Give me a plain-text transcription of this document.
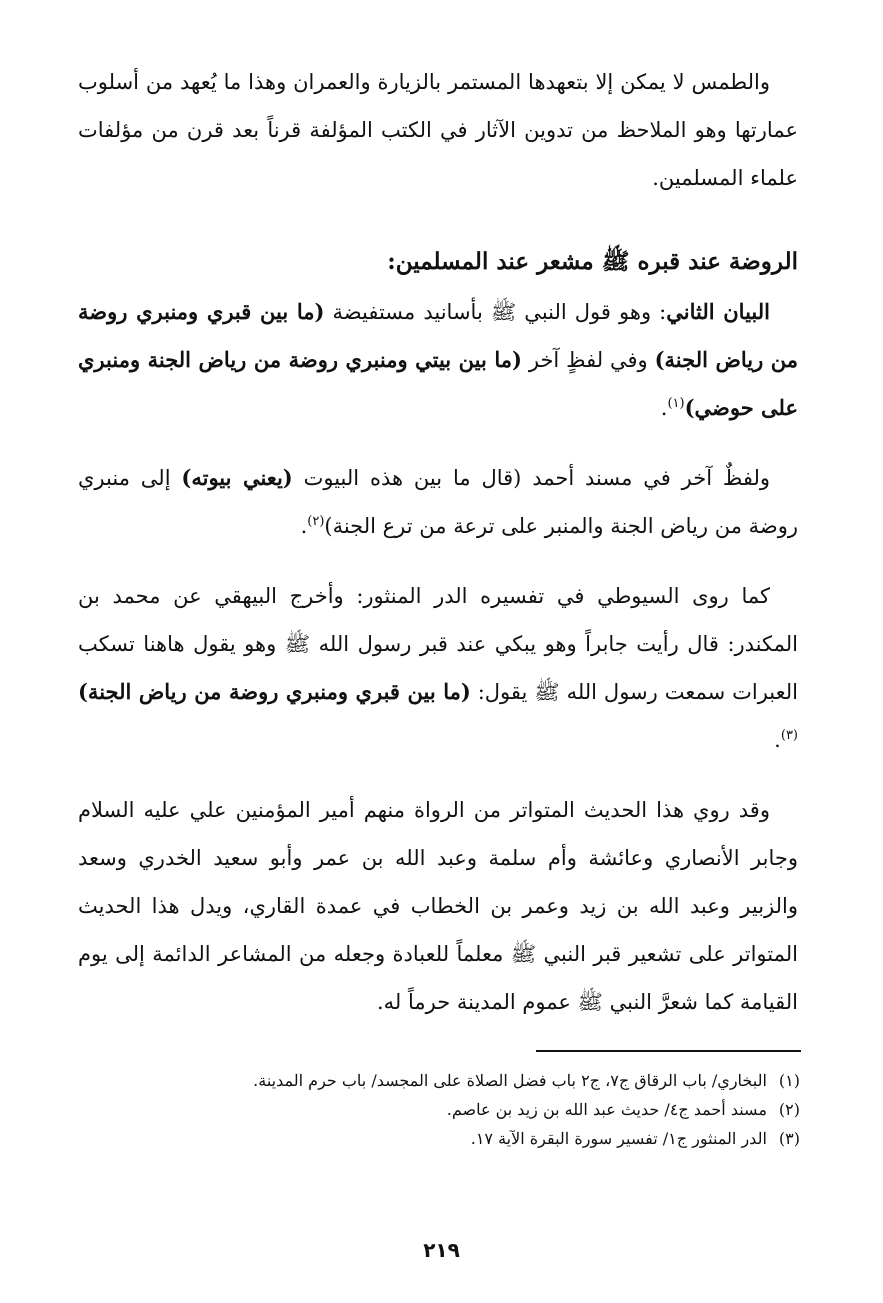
والطمس لا يمكن إلا بتعهدها المستمر بالزيارة والعمران وهذا ما يُعهد من أسلوب عمارتها وهو الملاحظ من تدوين الآثار في الكتب المؤلفة قرناً بعد قرن من مؤلفات علماء المسلمين.

الروضة عند قبره ﷺ مشعر عند المسلمين:

البيان الثاني: وهو قول النبي ﷺ بأسانيد مستفيضة (ما بين قبري ومنبري روضة من رياض الجنة) وفي لفظٍ آخر (ما بين بيتي ومنبري روضة من رياض الجنة ومنبري على حوضي)$^{(١)}$.

ولفظٌ آخر في مسند أحمد (قال ما بين هذه البيوت (يعني بيوته) إلى منبري روضة من رياض الجنة والمنبر على ترعة من ترع الجنة)$^{(٢)}$.

كما روى السيوطي في تفسيره الدر المنثور: وأخرج البيهقي عن محمد بن المكندر: قال رأيت جابراً وهو يبكي عند قبر رسول الله ﷺ وهو يقول هاهنا تسكب العبرات سمعت رسول الله ﷺ يقول: (ما بين قبري ومنبري روضة من رياض الجنة)$^{(٣)}$.

وقد روي هذا الحديث المتواتر من الرواة منهم أمير المؤمنين علي عليه السلام وجابر الأنصاري وعائشة وأم سلمة وعبد الله بن عمر وأبو سعيد الخدري وسعد والزبير وعبد الله بن زيد وعمر بن الخطاب في عمدة القاري، ويدل هذا الحديث المتواتر على تشعير قبر النبي ﷺ معلماً للعبادة وجعله من المشاعر الدائمة إلى يوم القيامة كما شعرَّ النبي ﷺ عموم المدينة حرماً له.

(١)
البخاري/ باب الرقاق ج٧، ج٢ باب فضل الصلاة على المجسد/ باب حرم المدينة.
(٢)
مسند أحمد ج٤/ حديث عبد الله بن زيد بن عاصم.
(٣)
الدر المنثور ج١/ تفسير سورة البقرة الآية ١٧.
٢١٩
